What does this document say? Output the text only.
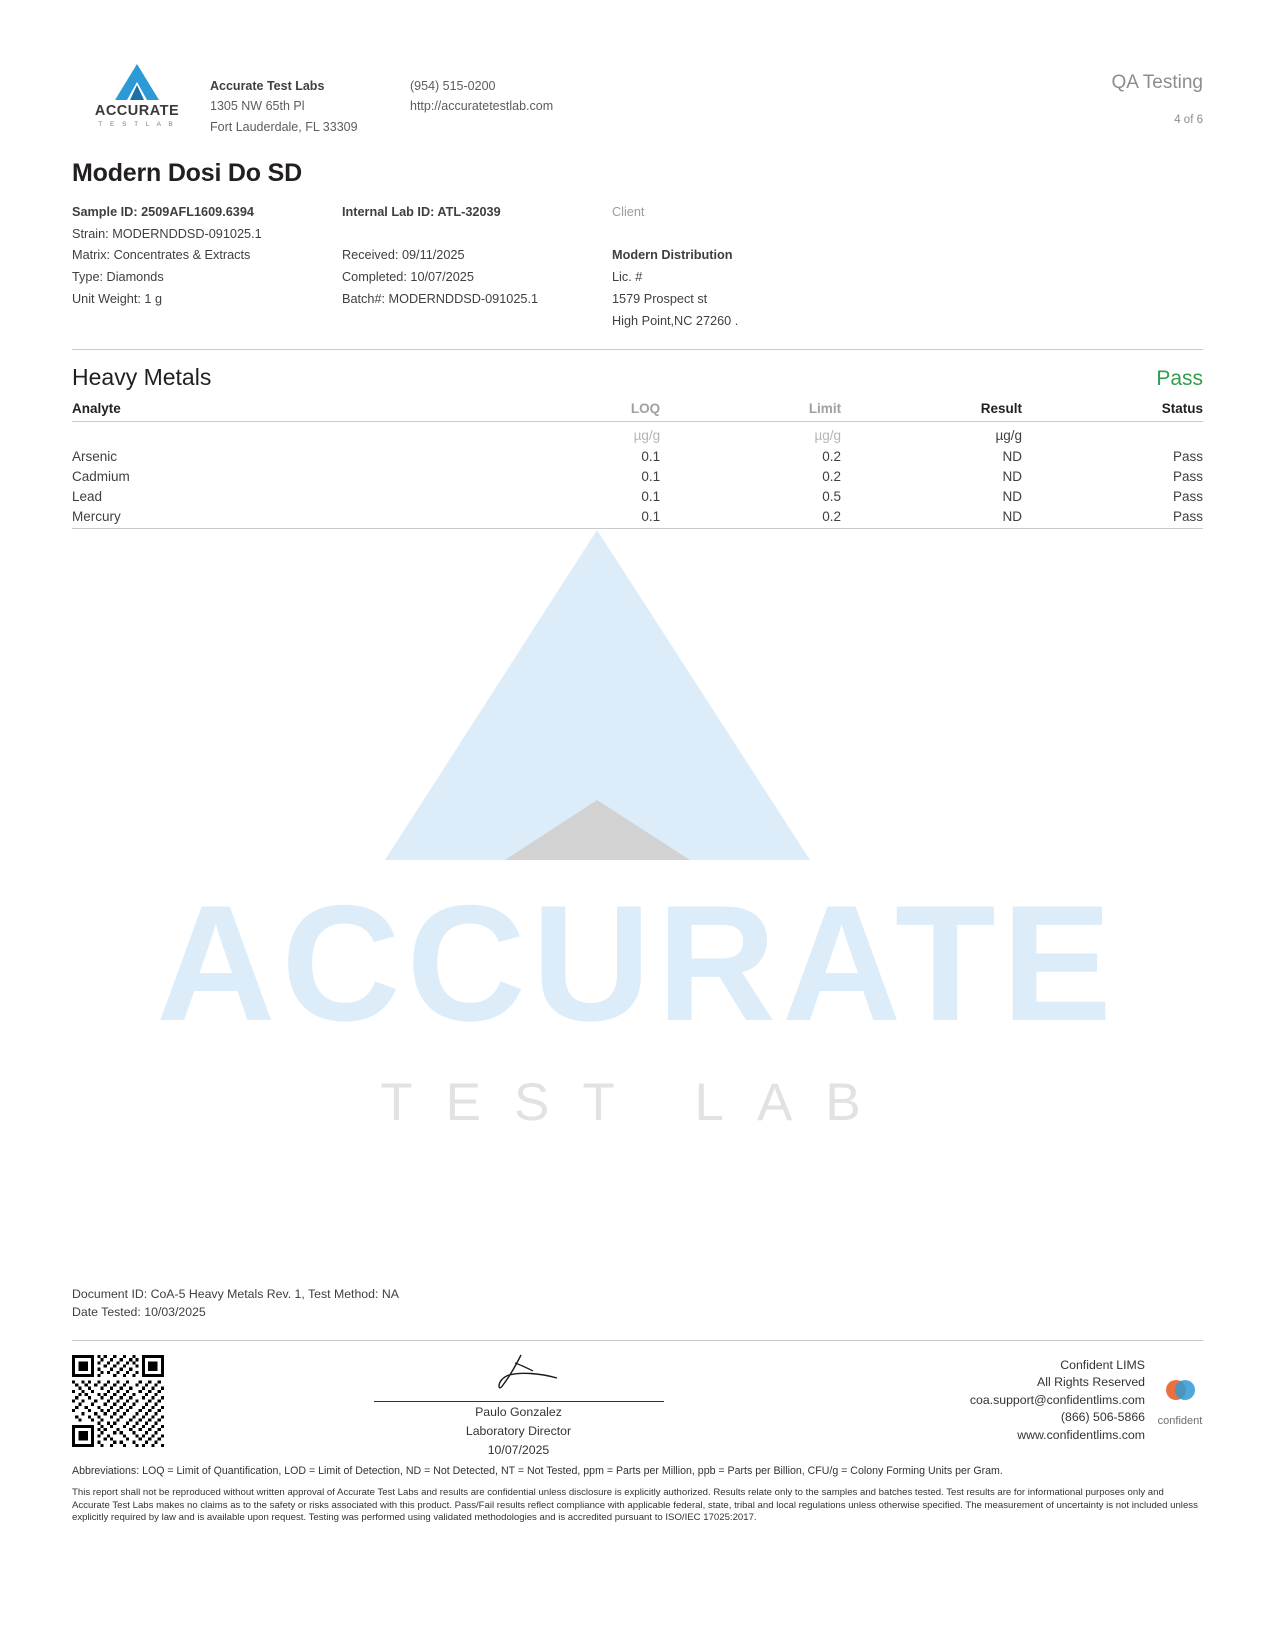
ACCURATE
TEST LAB
ACCURATE
T E S T L A B
Accurate Test Labs
1305 NW 65th Pl
Fort Lauderdale, FL 33309
(954) 515-0200
http://accuratetestlab.com
QA Testing
4 of 6
Modern Dosi Do SD
Sample ID: 2509AFL1609.6394
Strain: MODERNDDSD-091025.1
Matrix: Concentrates & Extracts
Type: Diamonds
Unit Weight: 1 g
Internal Lab ID: ATL-32039
Received: 09/11/2025
Completed: 10/07/2025
Batch#: MODERNDDSD-091025.1
Client
Modern Distribution
Lic. #
1579 Prospect st
High Point,NC 27260 .
Heavy Metals	Pass
Analyte	LOQ	Limit	Result	Status
	µg/g	µg/g	µg/g	
Arsenic	0.1	0.2	ND	Pass
Cadmium	0.1	0.2	ND	Pass
Lead	0.1	0.5	ND	Pass
Mercury	0.1	0.2	ND	Pass
Document ID: CoA-5 Heavy Metals Rev. 1, Test Method: NA
Date Tested: 10/03/2025
Paulo Gonzalez
Laboratory Director
10/07/2025
Confident LIMS
All Rights Reserved
coa.support@confidentlims.com
(866) 506-5866
www.confidentlims.com
confident
Abbreviations: LOQ = Limit of Quantification, LOD = Limit of Detection, ND = Not Detected, NT = Not Tested, ppm = Parts per Million, ppb = Parts per Billion, CFU/g = Colony Forming Units per Gram.
This report shall not be reproduced without written approval of Accurate Test Labs and results are confidential unless disclosure is explicitly authorized. Results relate only to the samples and batches tested. Test results are for informational purposes only and Accurate Test Labs makes no claims as to the safety or risks associated with this product. Pass/Fail results reflect compliance with applicable federal, state, tribal and local regulations unless otherwise specified. The measurement of uncertainty is not included unless explicitly required by law and is available upon request. Testing was performed using validated methodologies and is accredited pursuant to ISO/IEC 17025:2017.
